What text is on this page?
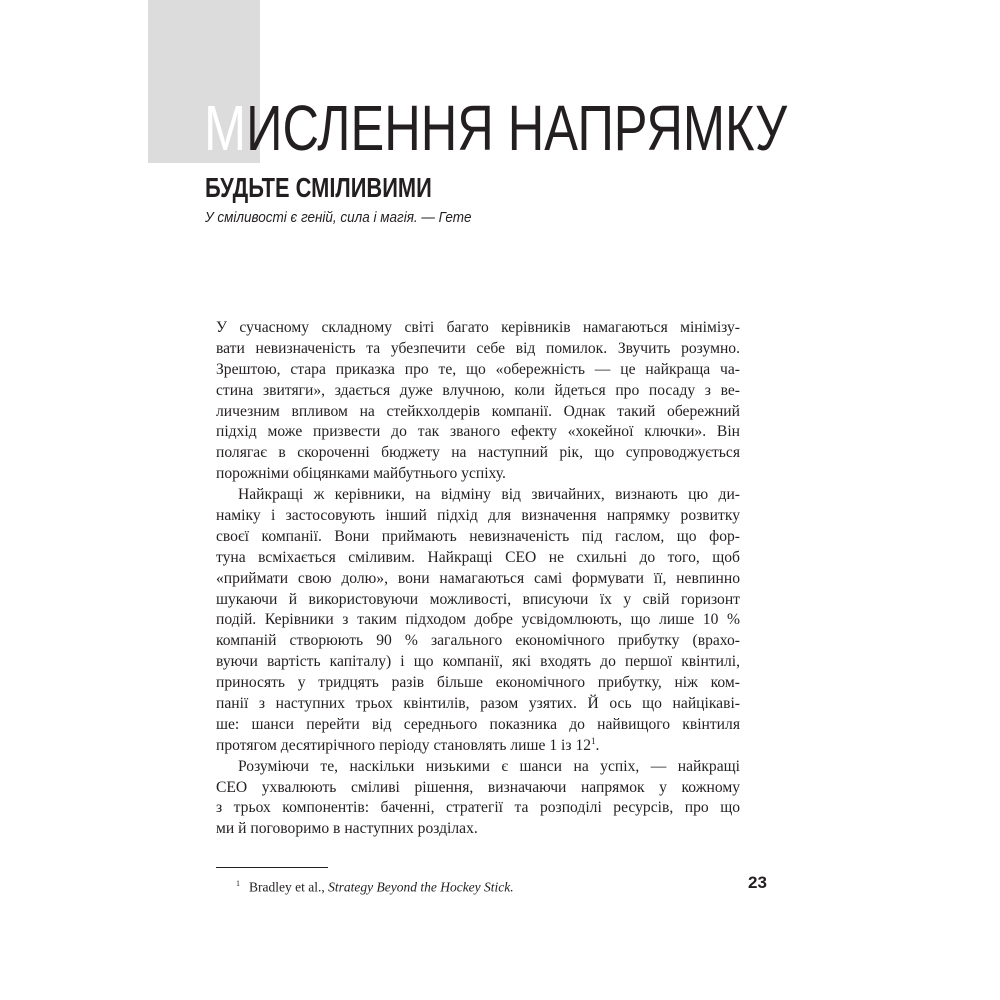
МИСЛЕННЯ НАПРЯМКУ
БУДЬТЕ СМІЛИВИМИ
У сміливості є геній, сила і магія. — Гете
У сучасному складному світі багато керівників намагаються мінімізу-
вати невизначеність та убезпечити себе від помилок. Звучить розумно.
Зрештою, стара приказка про те, що «обережність — це найкраща ча-
стина звитяги», здається дуже влучною, коли йдеться про посаду з ве-
личезним впливом на стейкхолдерів компанії. Однак такий обережний
підхід може призвести до так званого ефекту «хокейної ключки». Він
полягає в скороченні бюджету на наступний рік, що супроводжується
порожніми обіцянками майбутнього успіху.
Найкращі ж керівники, на відміну від звичайних, визнають цю ди-
наміку і застосовують інший підхід для визначення напрямку розвитку
своєї компанії. Вони приймають невизначеність під гаслом, що фор-
туна всміхається сміливим. Найкращі CEO не схильні до того, щоб
«приймати свою долю», вони намагаються самі формувати її, невпинно
шукаючи й використовуючи можливості, вписуючи їх у свій горизонт
подій. Керівники з таким підходом добре усвідомлюють, що лише 10 %
компаній створюють 90 % загального економічного прибутку (врахо-
вуючи вартість капіталу) і що компанії, які входять до першої квінтилі,
приносять у тридцять разів більше економічного прибутку, ніж ком-
панії з наступних трьох квінтилів, разом узятих. Й ось що найцікаві-
ше: шанси перейти від середнього показника до найвищого квінтиля
протягом десятирічного періоду становлять лише 1 із $12^1$.
Розуміючи те, наскільки низькими є шанси на успіх, — найкращі
CEO ухвалюють сміливі рішення, визначаючи напрямок у кожному
з трьох компонентів: баченні, стратегії та розподілі ресурсів, про що
ми й поговоримо в наступних розділах.
$^1$ Bradley et al., Strategy Beyond the Hockey Stick.	23
